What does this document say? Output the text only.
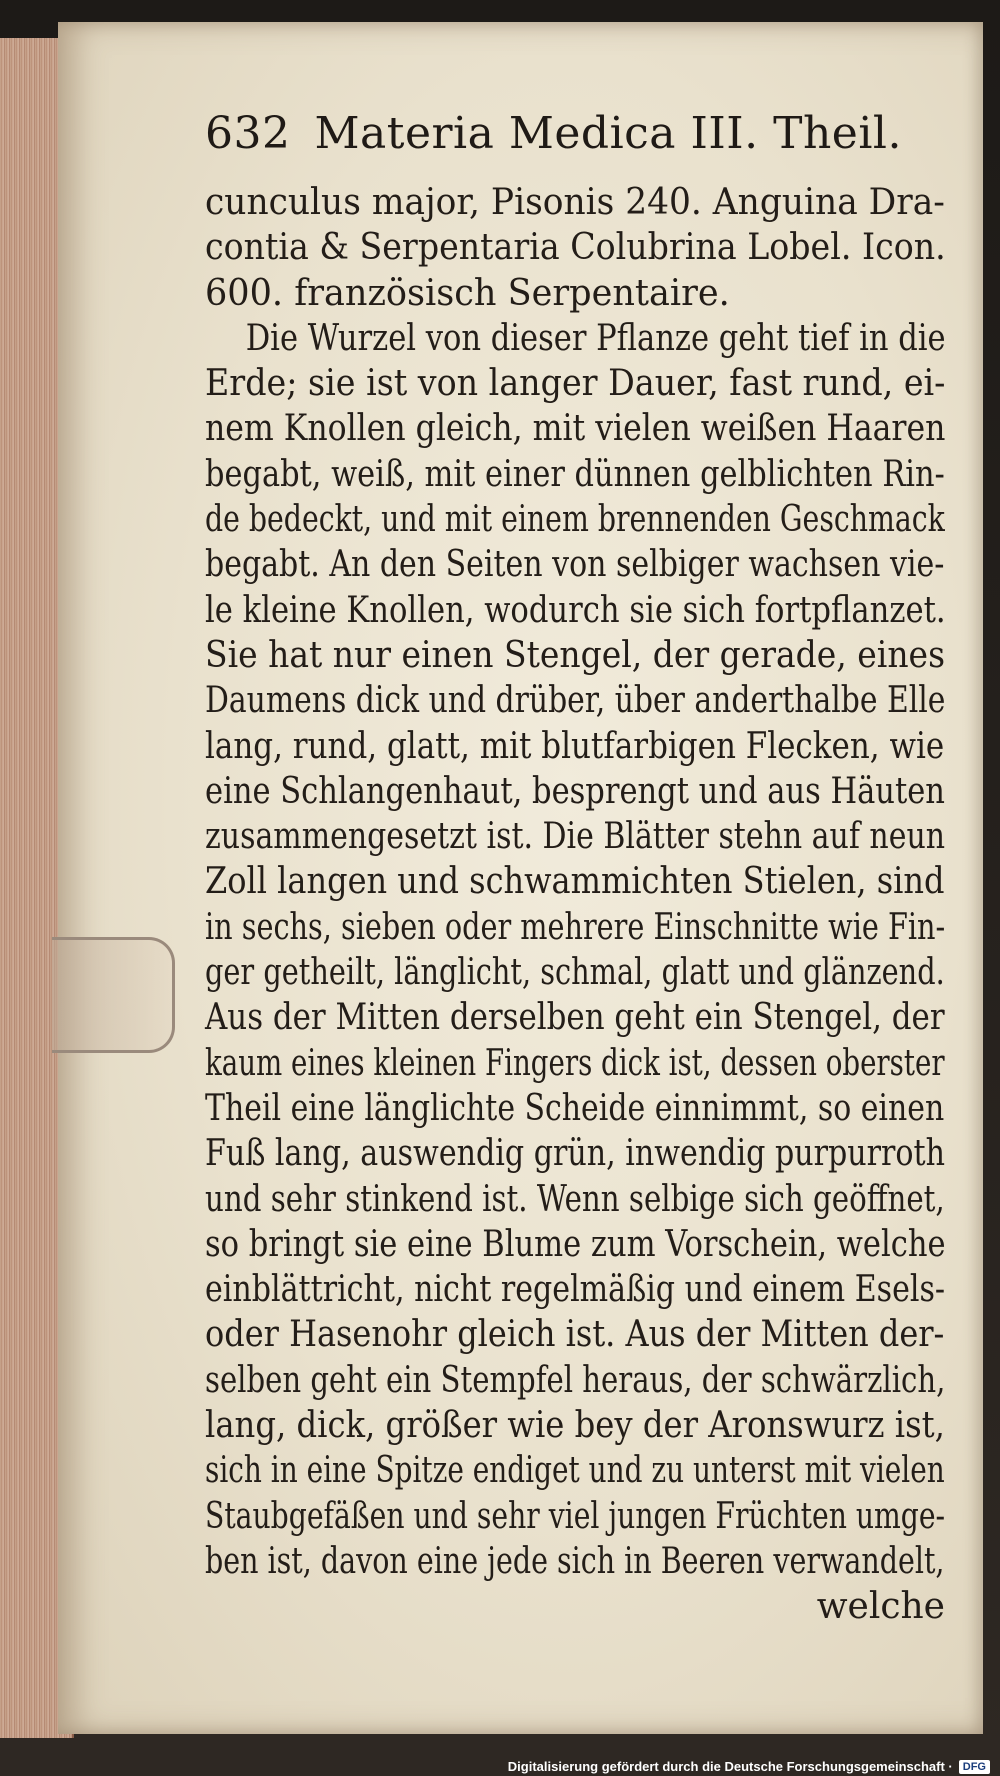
632 Materia Medica III. Theil.
cunculus major, Pisonis 240. Anguina Dra-
contia & Serpentaria Colubrina Lobel. Icon.
600. französisch Serpentaire.
Die Wurzel von dieser Pflanze geht tief in die
Erde; sie ist von langer Dauer, fast rund, ei-
nem Knollen gleich, mit vielen weißen Haaren
begabt, weiß, mit einer dünnen gelblichten Rin-
de bedeckt, und mit einem brennenden Geschmack
begabt. An den Seiten von selbiger wachsen vie-
le kleine Knollen, wodurch sie sich fortpflanzet.
Sie hat nur einen Stengel, der gerade, eines
Daumens dick und drüber, über anderthalbe Elle
lang, rund, glatt, mit blutfarbigen Flecken, wie
eine Schlangenhaut, besprengt und aus Häuten
zusammengesetzt ist. Die Blätter stehn auf neun
Zoll langen und schwammichten Stielen, sind
in sechs, sieben oder mehrere Einschnitte wie Fin-
ger getheilt, länglicht, schmal, glatt und glänzend.
Aus der Mitten derselben geht ein Stengel, der
kaum eines kleinen Fingers dick ist, dessen oberster
Theil eine länglichte Scheide einnimmt, so einen
Fuß lang, auswendig grün, inwendig purpurroth
und sehr stinkend ist. Wenn selbige sich geöffnet,
so bringt sie eine Blume zum Vorschein, welche
einblättricht, nicht regelmäßig und einem Esels-
oder Hasenohr gleich ist. Aus der Mitten der-
selben geht ein Stempfel heraus, der schwärzlich,
lang, dick, größer wie bey der Aronswurz ist,
sich in eine Spitze endiget und zu unterst mit vielen
Staubgefäßen und sehr viel jungen Früchten umge-
ben ist, davon eine jede sich in Beeren verwandelt,
welche
Digitalisierung gefördert durch die Deutsche Forschungsgemeinschaft · DFG
